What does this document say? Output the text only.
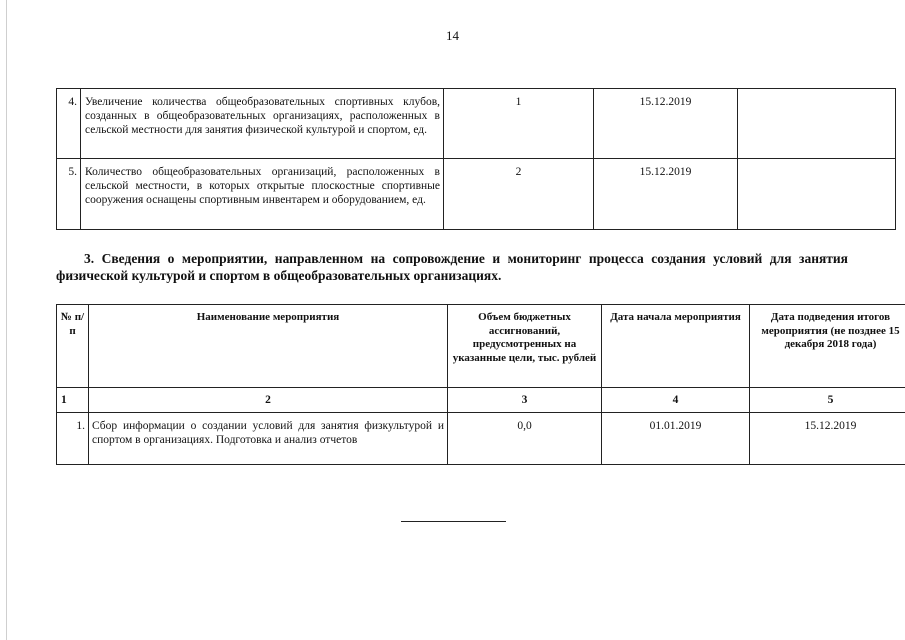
14
4.	Увеличение количества общеобразовательных спортивных клубов, созданных в общеобразовательных организациях, расположенных в сельской местности для занятия физической культурой и спортом, ед.	1	15.12.2019	
5.	Количество общеобразовательных организаций, расположенных в сельской местности, в которых открытые плоскостные спортивные сооружения оснащены спортивным инвентарем и оборудованием, ед.	2	15.12.2019	
3. Сведения о мероприятии, направленном на сопровождение и мониторинг процесса создания условий для занятия физической культурой и спортом в общеобразовательных организациях.
№ п/п	Наименование мероприятия	Объем бюджетных ассигнований, предусмотренных на указанные цели, тыс. рублей	Дата начала мероприятия	Дата подведения итогов мероприятия (не позднее 15 декабря 2018 года)
1	2	3	4	5
1.	Сбор информации о создании условий для занятия физкультурой и спортом в организациях. Подготовка и анализ отчетов	0,0	01.01.2019	15.12.2019
